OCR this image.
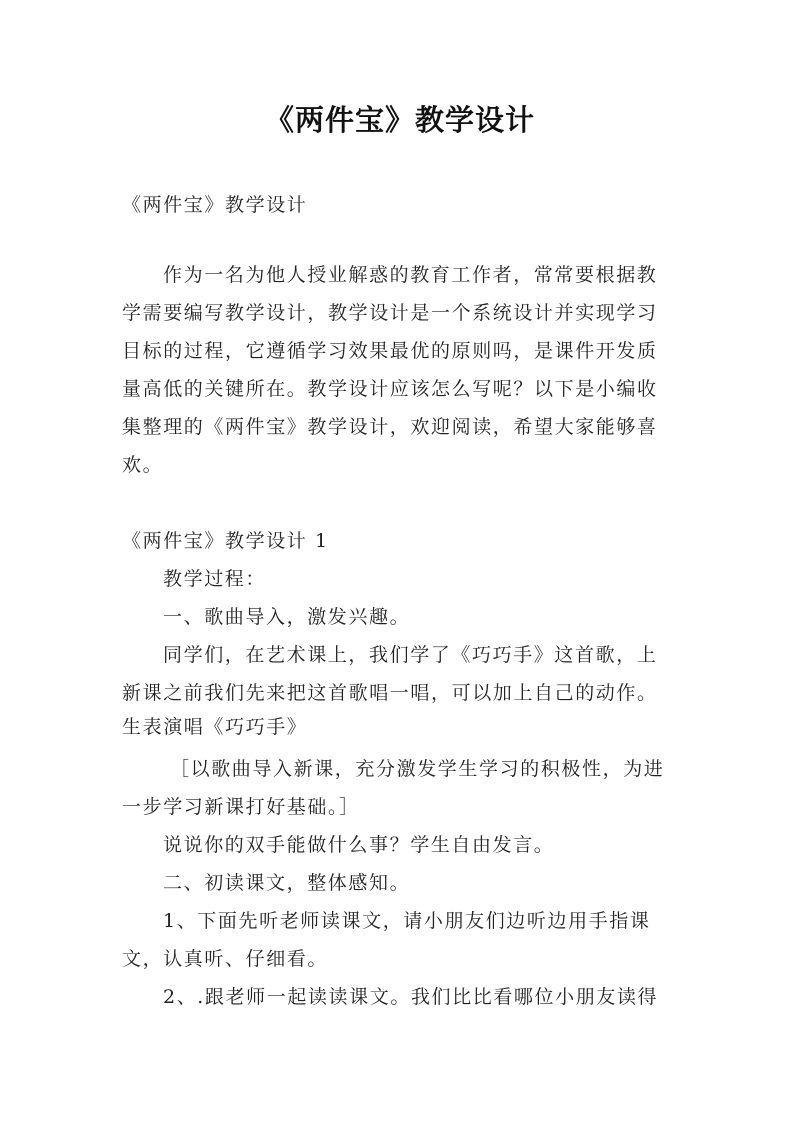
《两件宝》教学设计
《两件宝》教学设计
作为一名为他人授业解惑的教育工作者，常常要根据教
学需要编写教学设计，教学设计是一个系统设计并实现学习
目标的过程，它遵循学习效果最优的原则吗，是课件开发质
量高低的关键所在。教学设计应该怎么写呢？以下是小编收
集整理的《两件宝》教学设计，欢迎阅读，希望大家能够喜
欢。
《两件宝》教学设计 1
教学过程：
一、歌曲导入，激发兴趣。
同学们，在艺术课上，我们学了《巧巧手》这首歌，上
新课之前我们先来把这首歌唱一唱，可以加上自己的动作。
生表演唱《巧巧手》
［以歌曲导入新课，充分激发学生学习的积极性，为进
一步学习新课打好基础。］
说说你的双手能做什么事？学生自由发言。
二、初读课文，整体感知。
1、下面先听老师读课文，请小朋友们边听边用手指课
文，认真听、仔细看。
2、.跟老师一起读读课文。我们比比看哪位小朋友读得
